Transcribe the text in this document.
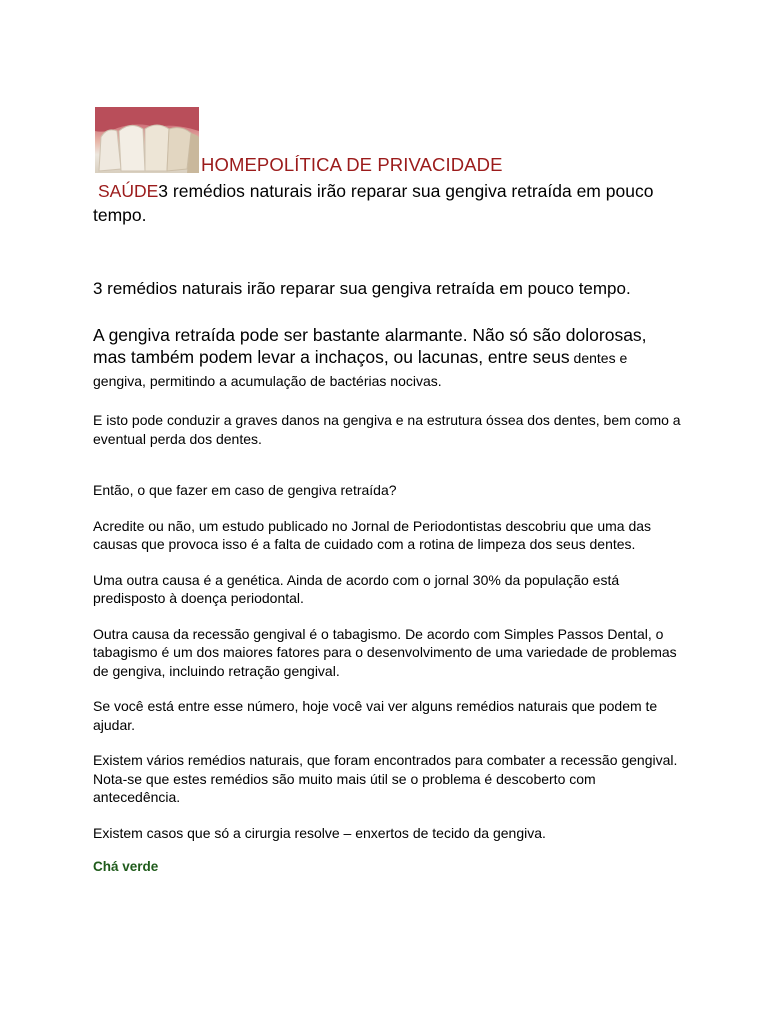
HOMEPOLÍTICA DE PRIVACIDADE

SAÚDE3 remédios naturais irão reparar sua gengiva retraída em pouco tempo.

3 remédios naturais irão reparar sua gengiva retraída em pouco tempo.

A gengiva retraída pode ser bastante alarmante. Não só são dolorosas, mas também podem levar a inchaços, ou lacunas, entre seus dentes e gengiva, permitindo a acumulação de bactérias nocivas.

E isto pode conduzir a graves danos na gengiva e na estrutura óssea dos dentes, bem como a eventual perda dos dentes.

Então, o que fazer em caso de gengiva retraída?

Acredite ou não, um estudo publicado no Jornal de Periodontistas descobriu que uma das causas que provoca isso é a falta de cuidado com a rotina de limpeza dos seus dentes.

Uma outra causa é a genética. Ainda de acordo com o jornal 30% da população está predisposto à doença periodontal.

Outra causa da recessão gengival é o tabagismo. De acordo com Simples Passos Dental, o tabagismo é um dos maiores fatores para o desenvolvimento de uma variedade de problemas de gengiva, incluindo retração gengival.

Se você está entre esse número, hoje você vai ver alguns remédios naturais que podem te ajudar.

Existem vários remédios naturais, que foram encontrados para combater a recessão gengival. Nota-se que estes remédios são muito mais útil se o problema é descoberto com antecedência.

Existem casos que só a cirurgia resolve – enxertos de tecido da gengiva.

Chá verde
